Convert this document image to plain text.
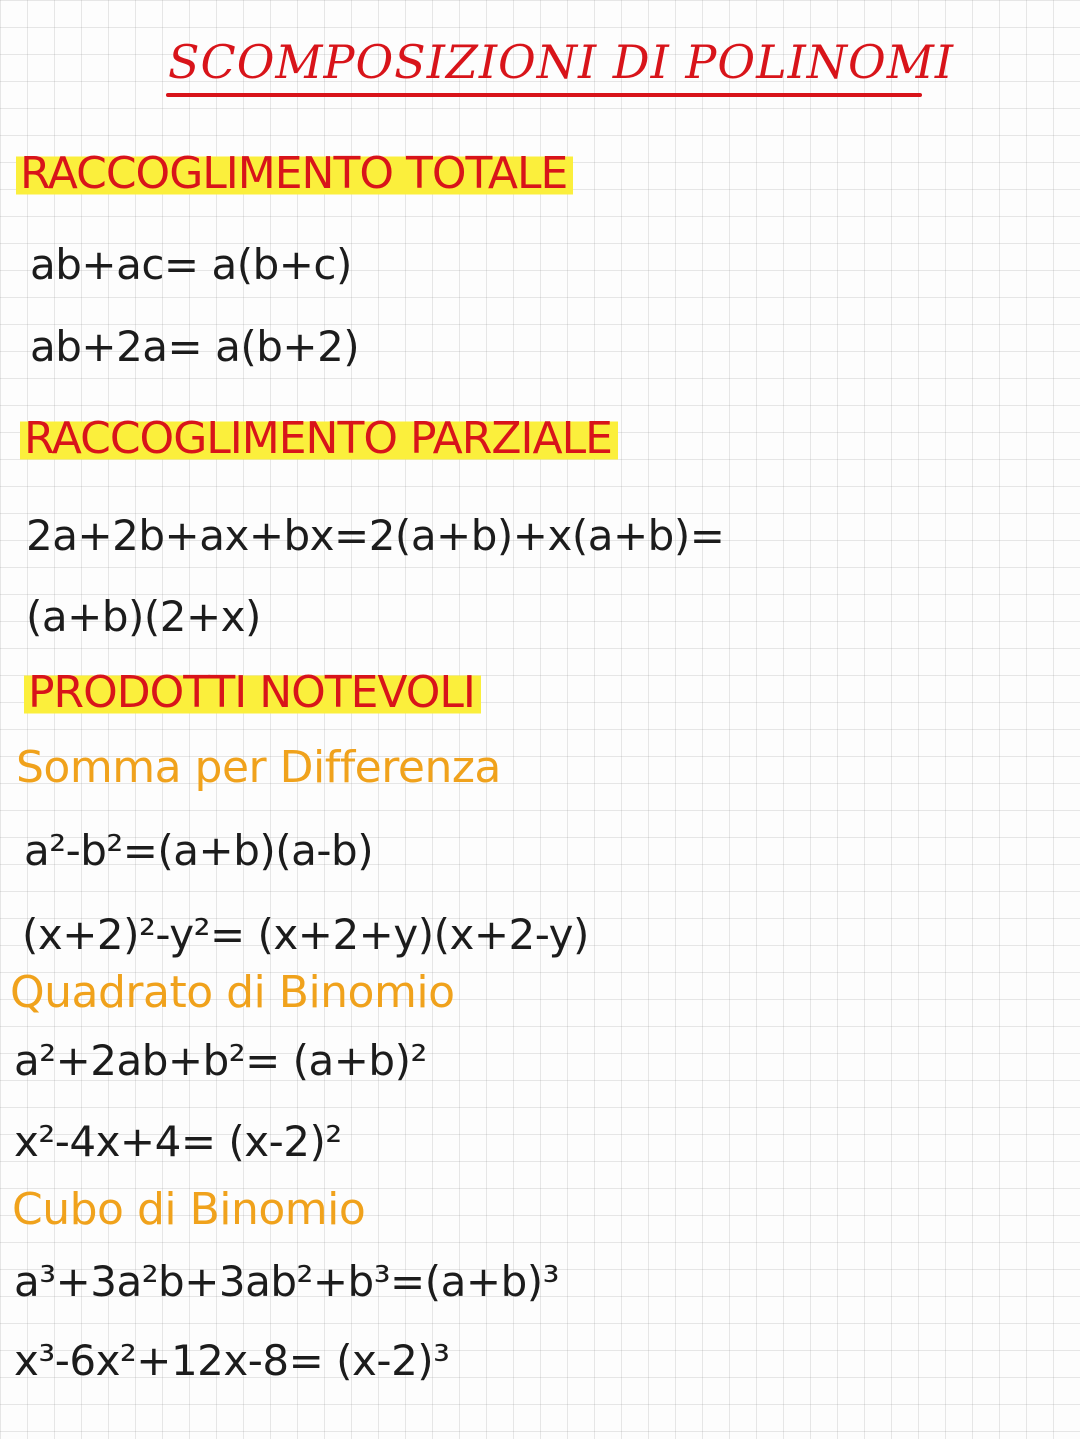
SCOMPOSIZIONI DI POLINOMI
RACCOGLIMENTO TOTALE
ab+ac= a(b+c)
ab+2a= a(b+2)
RACCOGLIMENTO PARZIALE
2a+2b+ax+bx=2(a+b)+x(a+b)=
(a+b)(2+x)
PRODOTTI NOTEVOLI
Somma per Differenza
a²-b²=(a+b)(a-b)
(x+2)²-y²= (x+2+y)(x+2-y)
Quadrato di Binomio
a²+2ab+b²= (a+b)²
x²-4x+4= (x-2)²
Cubo di Binomio
a³+3a²b+3ab²+b³=(a+b)³
x³-6x²+12x-8= (x-2)³
